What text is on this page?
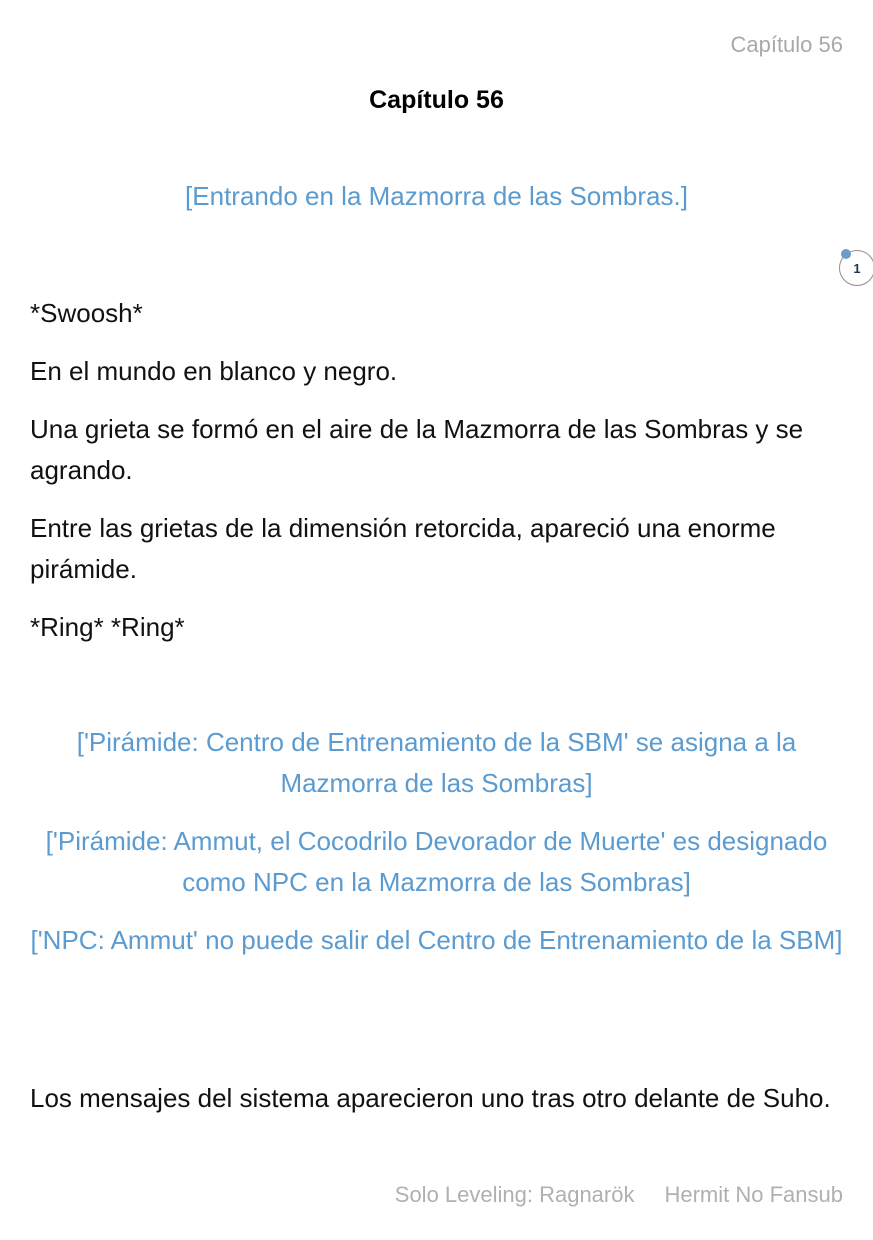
Capítulo 56
Capítulo 56
[Entrando en la Mazmorra de las Sombras.]
1

*Swoosh*

En el mundo en blanco y negro.

Una grieta se formó en el aire de la Mazmorra de las Sombras y se agrando.

Entre las grietas de la dimensión retorcida, apareció una enorme pirámide.

*Ring* *Ring*

['Pirámide: Centro de Entrenamiento de la SBM' se asigna a la Mazmorra de las Sombras]

['Pirámide: Ammut, el Cocodrilo Devorador de Muerte' es designado como NPC en la Mazmorra de las Sombras]

['NPC: Ammut' no puede salir del Centro de Entrenamiento de la SBM]

Los mensajes del sistema aparecieron uno tras otro delante de Suho.

Solo Leveling: Ragnarök Hermit No Fansub
